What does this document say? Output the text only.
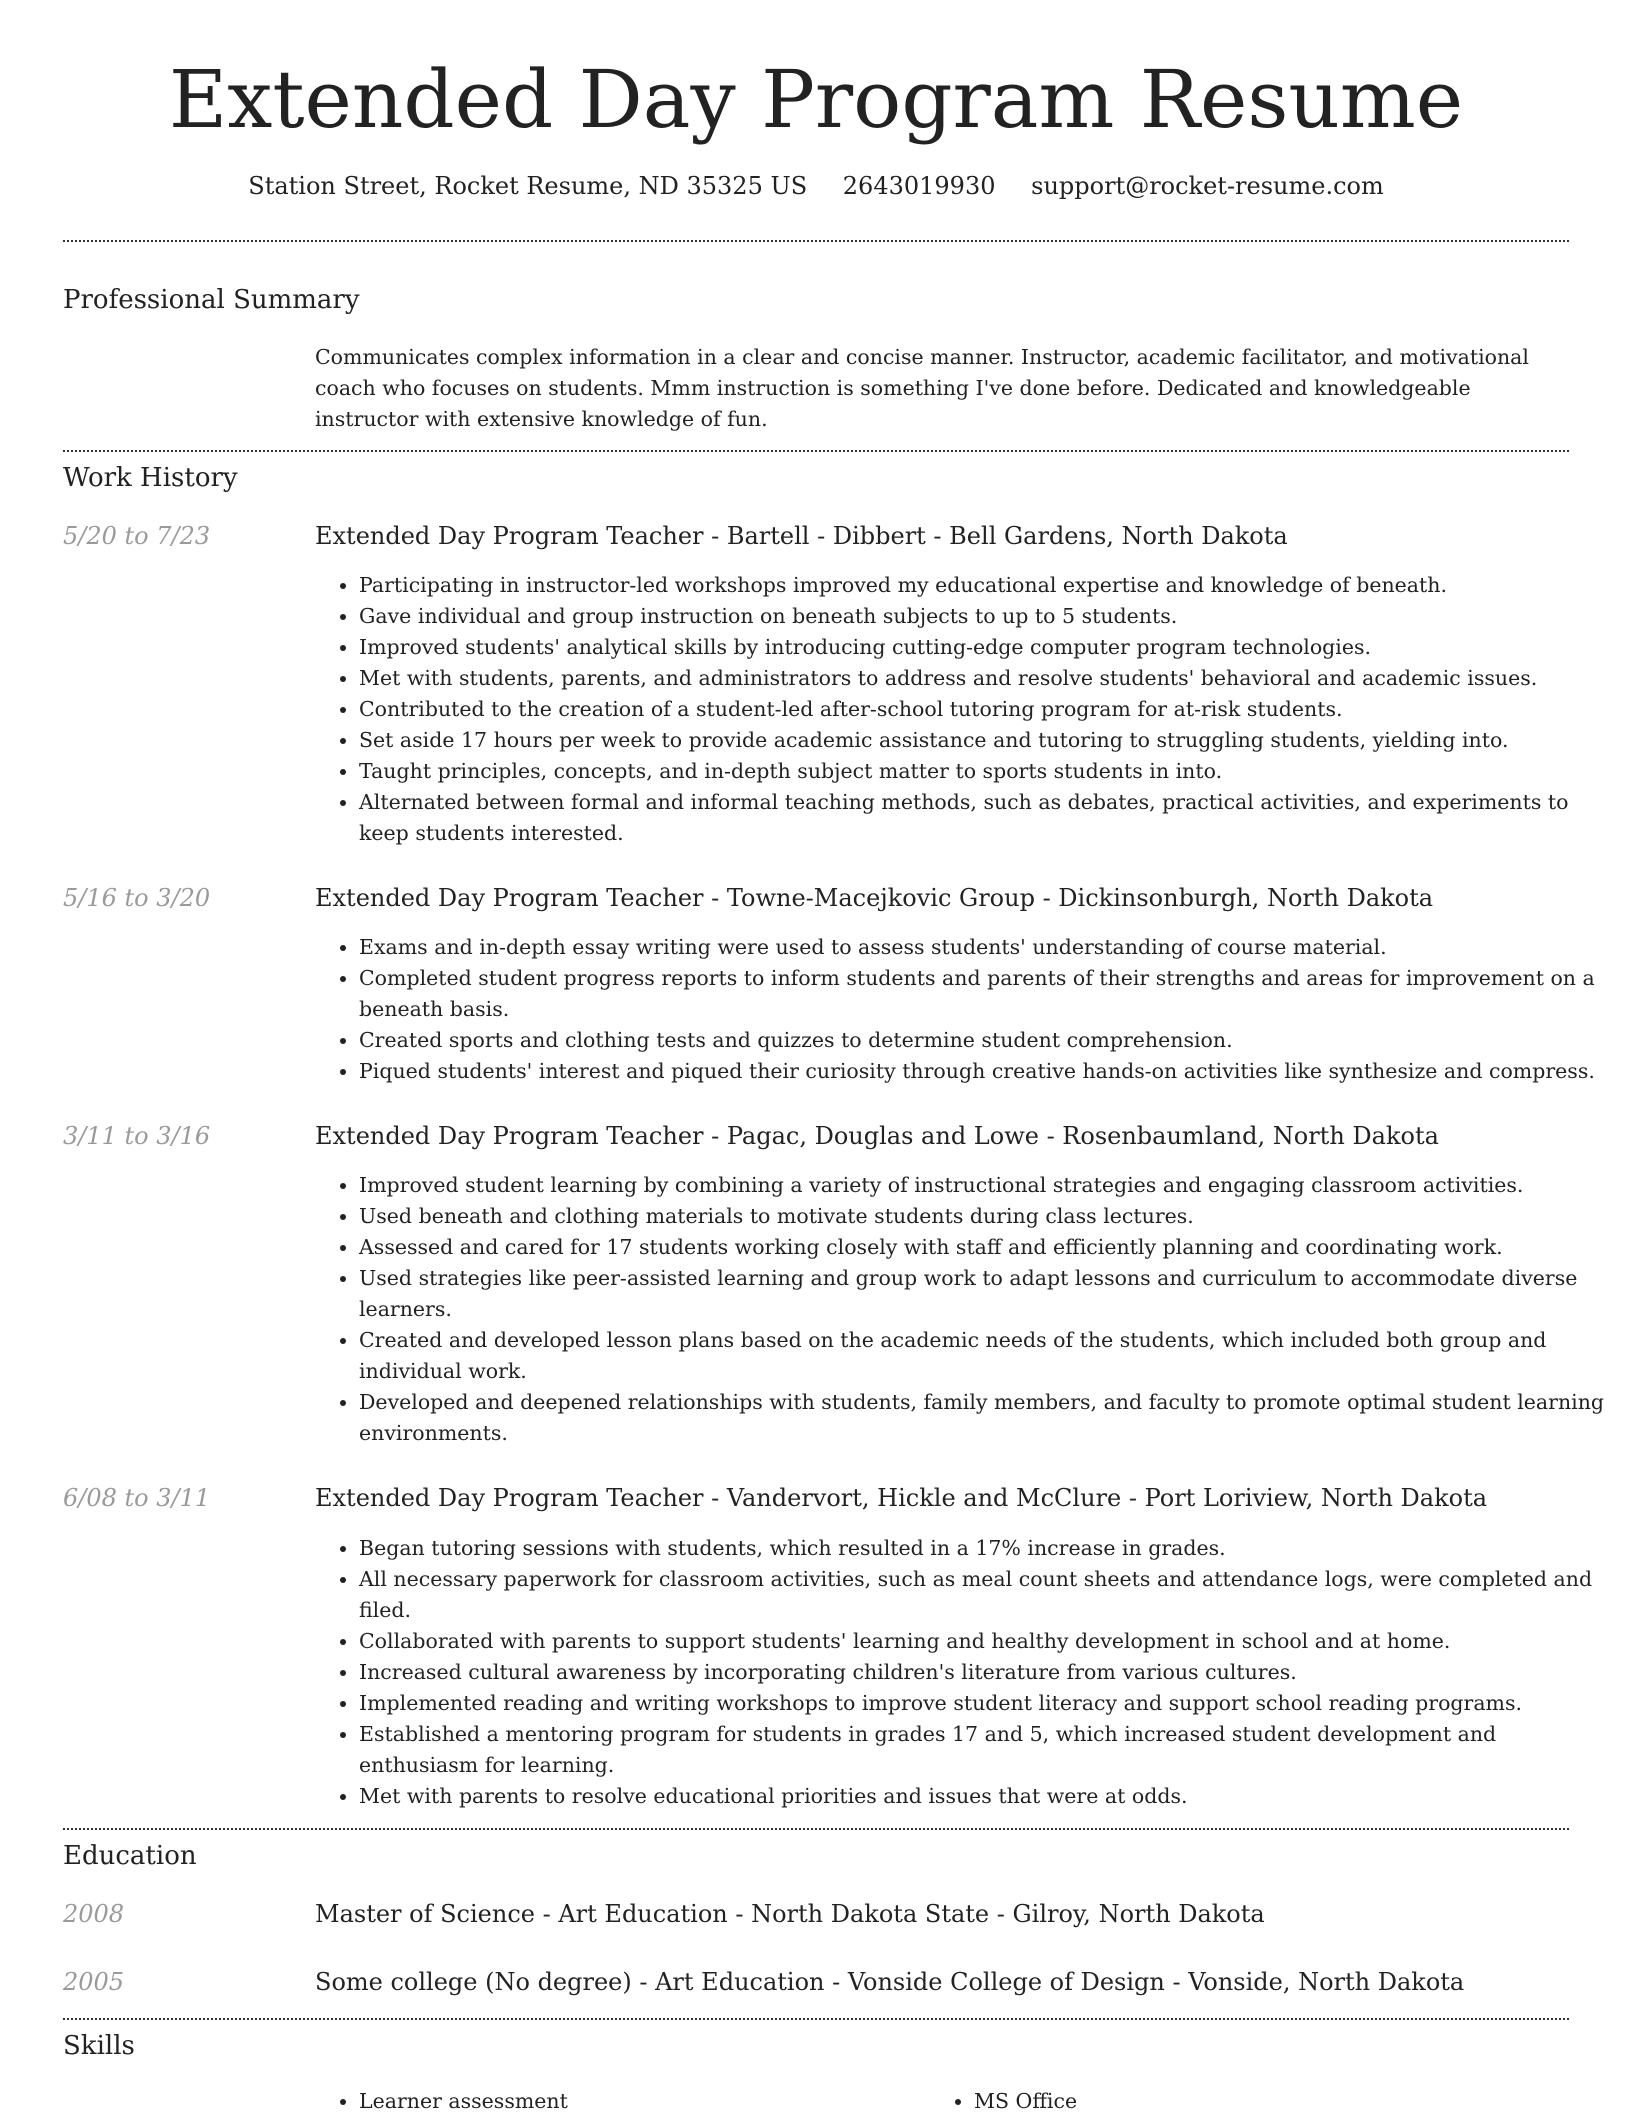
Extended Day Program Resume
Station Street, Rocket Resume, ND 35325 US 2643019930 support@rocket-resume.com
Professional Summary
Communicates complex information in a clear and concise manner. Instructor, academic facilitator, and motivational coach who focuses on students. Mmm instruction is something I've done before. Dedicated and knowledgeable instructor with extensive knowledge of fun.
Work History
5/20 to 7/23	Extended Day Program Teacher - Bartell - Dibbert - Bell Gardens, North Dakota
• Participating in instructor-led workshops improved my educational expertise and knowledge of beneath.
• Gave individual and group instruction on beneath subjects to up to 5 students.
• Improved students' analytical skills by introducing cutting-edge computer program technologies.
• Met with students, parents, and administrators to address and resolve students' behavioral and academic issues.
• Contributed to the creation of a student-led after-school tutoring program for at-risk students.
• Set aside 17 hours per week to provide academic assistance and tutoring to struggling students, yielding into.
• Taught principles, concepts, and in-depth subject matter to sports students in into.
• Alternated between formal and informal teaching methods, such as debates, practical activities, and experiments to keep students interested.
5/16 to 3/20	Extended Day Program Teacher - Towne-Macejkovic Group - Dickinsonburgh, North Dakota
• Exams and in-depth essay writing were used to assess students' understanding of course material.
• Completed student progress reports to inform students and parents of their strengths and areas for improvement on a beneath basis.
• Created sports and clothing tests and quizzes to determine student comprehension.
• Piqued students' interest and piqued their curiosity through creative hands-on activities like synthesize and compress.
3/11 to 3/16	Extended Day Program Teacher - Pagac, Douglas and Lowe - Rosenbaumland, North Dakota
• Improved student learning by combining a variety of instructional strategies and engaging classroom activities.
• Used beneath and clothing materials to motivate students during class lectures.
• Assessed and cared for 17 students working closely with staff and efficiently planning and coordinating work.
• Used strategies like peer-assisted learning and group work to adapt lessons and curriculum to accommodate diverse learners.
• Created and developed lesson plans based on the academic needs of the students, which included both group and individual work.
• Developed and deepened relationships with students, family members, and faculty to promote optimal student learning environments.
6/08 to 3/11	Extended Day Program Teacher - Vandervort, Hickle and McClure - Port Loriview, North Dakota
• Began tutoring sessions with students, which resulted in a 17% increase in grades.
• All necessary paperwork for classroom activities, such as meal count sheets and attendance logs, were completed and filed.
• Collaborated with parents to support students' learning and healthy development in school and at home.
• Increased cultural awareness by incorporating children's literature from various cultures.
• Implemented reading and writing workshops to improve student literacy and support school reading programs.
• Established a mentoring program for students in grades 17 and 5, which increased student development and enthusiasm for learning.
• Met with parents to resolve educational priorities and issues that were at odds.
Education
2008	Master of Science - Art Education - North Dakota State - Gilroy, North Dakota
2005	Some college (No degree) - Art Education - Vonside College of Design - Vonside, North Dakota
Skills
• Learner assessment
•	MS Office
